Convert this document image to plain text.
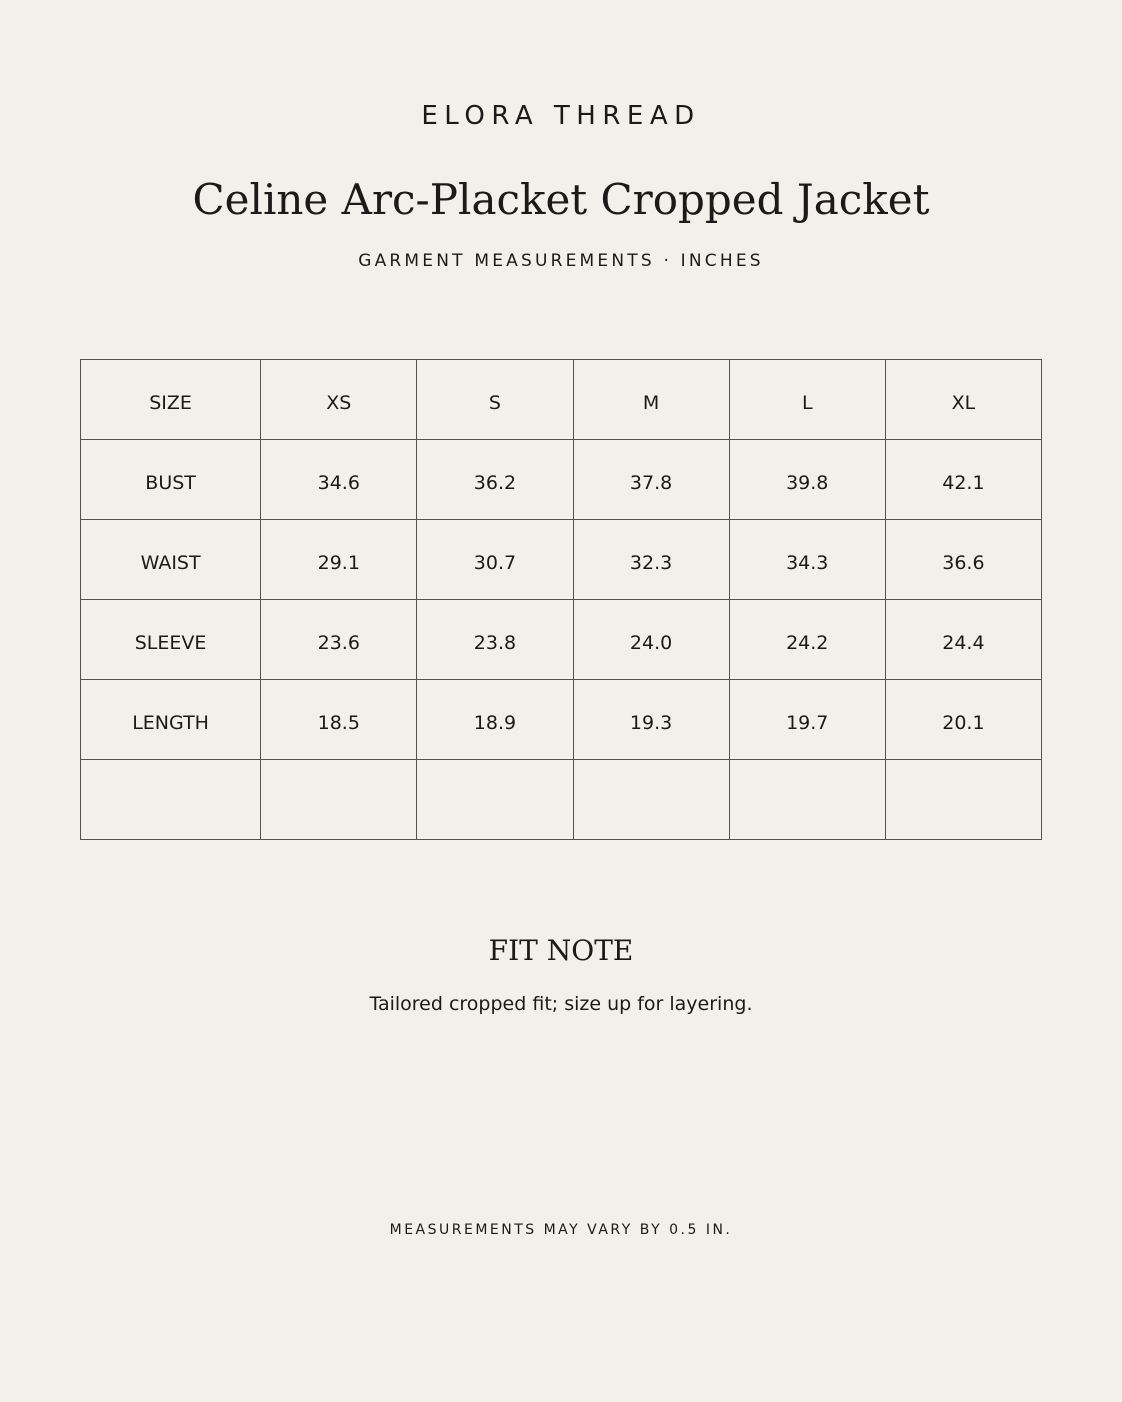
ELORA THREAD
Celine Arc-Placket Cropped Jacket
GARMENT MEASUREMENTS · INCHES
SIZE	XS	S	M	L	XL
BUST	34.6	36.2	37.8	39.8	42.1
WAIST	29.1	30.7	32.3	34.3	36.6
SLEEVE	23.6	23.8	24.0	24.2	24.4
LENGTH	18.5	18.9	19.3	19.7	20.1

FIT NOTE
Tailored cropped fit; size up for layering.
MEASUREMENTS MAY VARY BY 0.5 IN.
